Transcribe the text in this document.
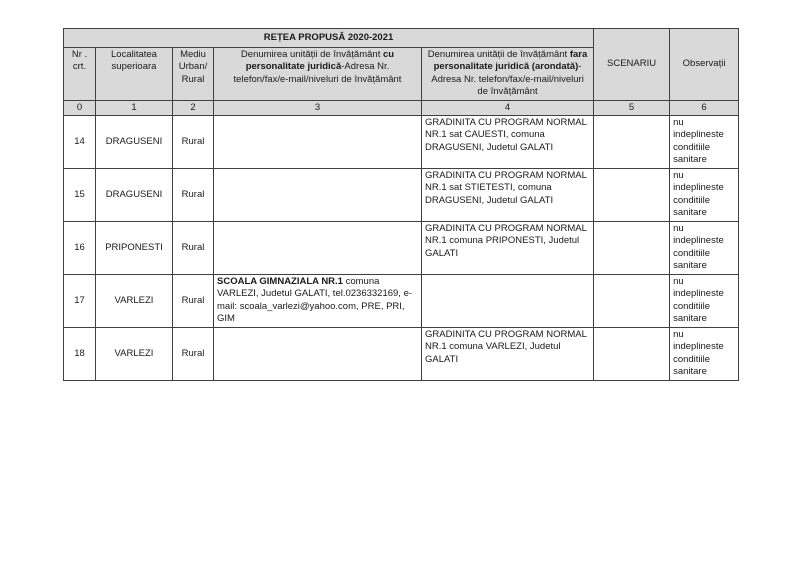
REȚEA PROPUSĂ 2020-2021					SCENARIU	Observații
Nr . crt.	Localitatea superioara	Mediu Urban/ Rural	Denumirea unității de învățământ cu personalitate juridică-Adresa Nr. telefon/fax/e-mail/niveluri de învățământ	Denumirea unității de învățământ fara personalitate juridică (arondată)-Adresa Nr. telefon/fax/e-mail/niveluri de învățământ		
0	1	2	3	4	5	6
14	DRAGUSENI	Rural		GRADINITA CU PROGRAM NORMAL NR.1 sat CAUESTI, comuna DRAGUSENI, Judetul GALATI		nu indeplineste conditiile sanitare
15	DRAGUSENI	Rural		GRADINITA CU PROGRAM NORMAL NR.1 sat STIETESTI, comuna DRAGUSENI, Judetul GALATI		nu indeplineste conditiile sanitare
16	PRIPONESTI	Rural		GRADINITA CU PROGRAM NORMAL NR.1 comuna PRIPONESTI, Judetul GALATI		nu indeplineste conditiile sanitare
17	VARLEZI	Rural	SCOALA GIMNAZIALA NR.1 comuna VARLEZI, Judetul GALATI, tel.0236332169, e-mail: scoala_varlezi@yahoo.com, PRE, PRI, GIM			nu indeplineste conditiile sanitare
18	VARLEZI	Rural		GRADINITA CU PROGRAM NORMAL NR.1 comuna VARLEZI, Judetul GALATI		nu indeplineste conditiile sanitare
